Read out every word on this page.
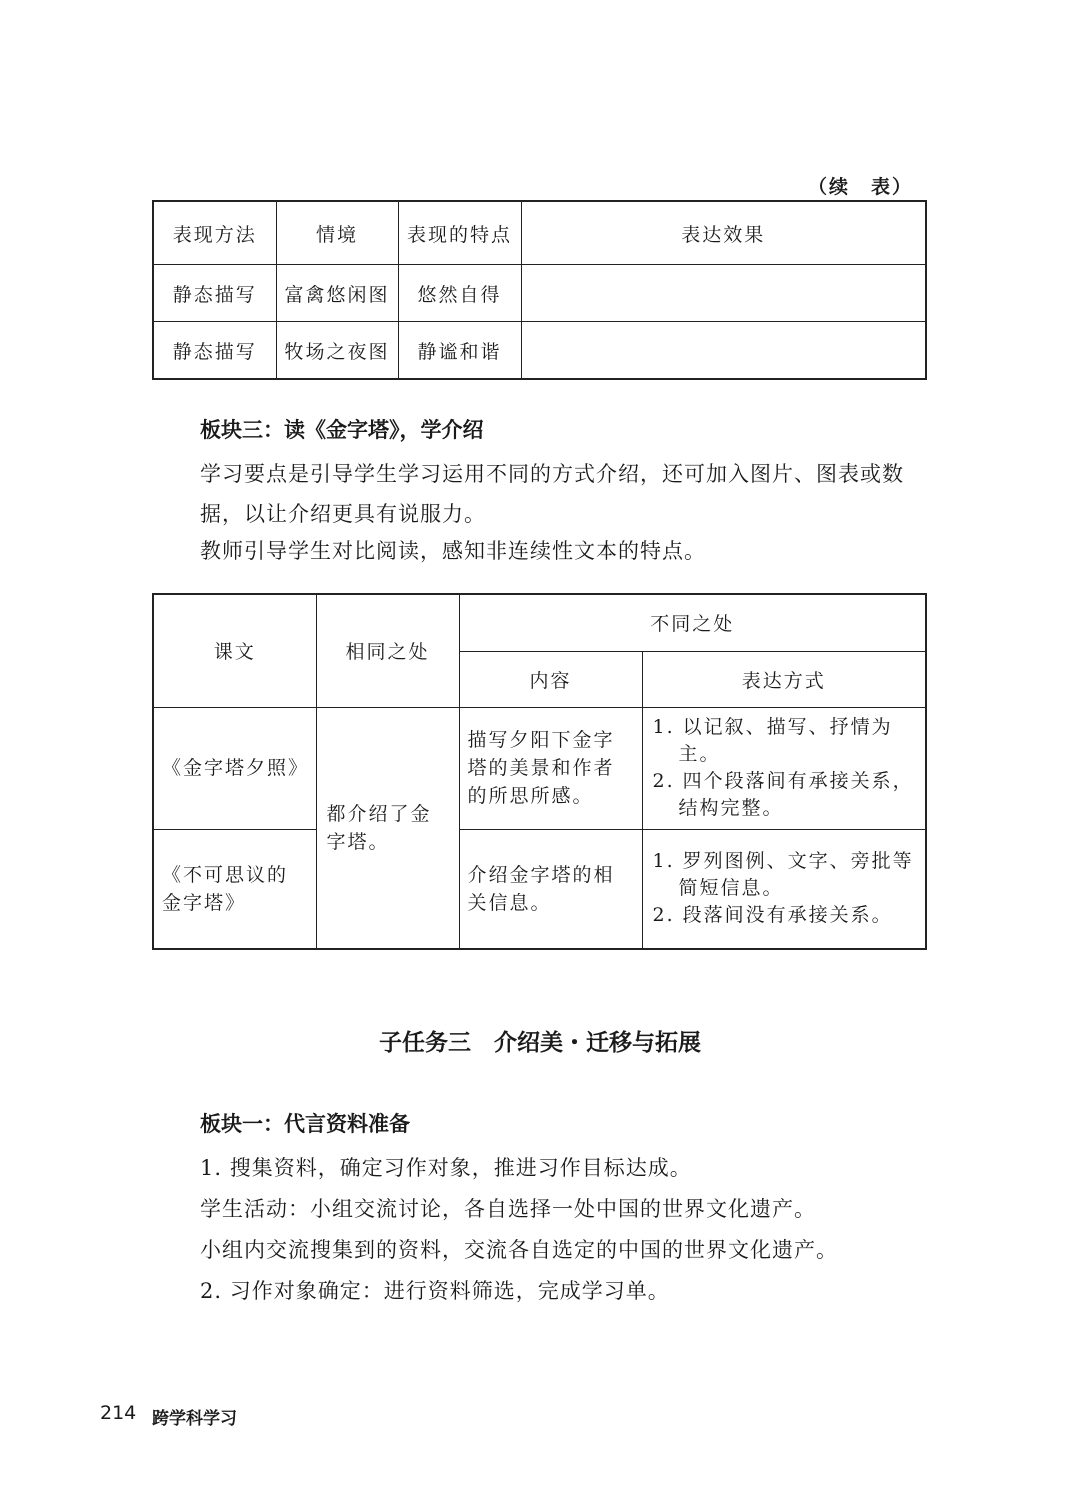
（续　表）
表现方法	情境	表现的特点	表达效果
静态描写	富禽悠闲图	悠然自得	
静态描写	牧场之夜图	静谧和谐	
板块三：读《金字塔》，学介绍
学习要点是引导学生学习运用不同的方式介绍，还可加入图片、图表或数据，以让介绍更具有说服力。
教师引导学生对比阅读，感知非连续性文本的特点。
课文	相同之处	不同之处	
		内容	表达方式
《金字塔夕照》	都介绍了金字塔。	描写夕阳下金字塔的美景和作者的所思所感。	1. 以记叙、描写、抒情为主。
2. 四个段落间有承接关系，结构完整。

《不可思议的金字塔》		介绍金字塔的相关信息。	1. 罗列图例、文字、旁批等简短信息。
2. 段落间没有承接关系。
子任务三　介绍美・迁移与拓展
板块一：代言资料准备
1. 搜集资料，确定习作对象，推进习作目标达成。
学生活动：小组交流讨论，各自选择一处中国的世界文化遗产。
小组内交流搜集到的资料，交流各自选定的中国的世界文化遗产。
2. 习作对象确定：进行资料筛选，完成学习单。
214 跨学科学习
